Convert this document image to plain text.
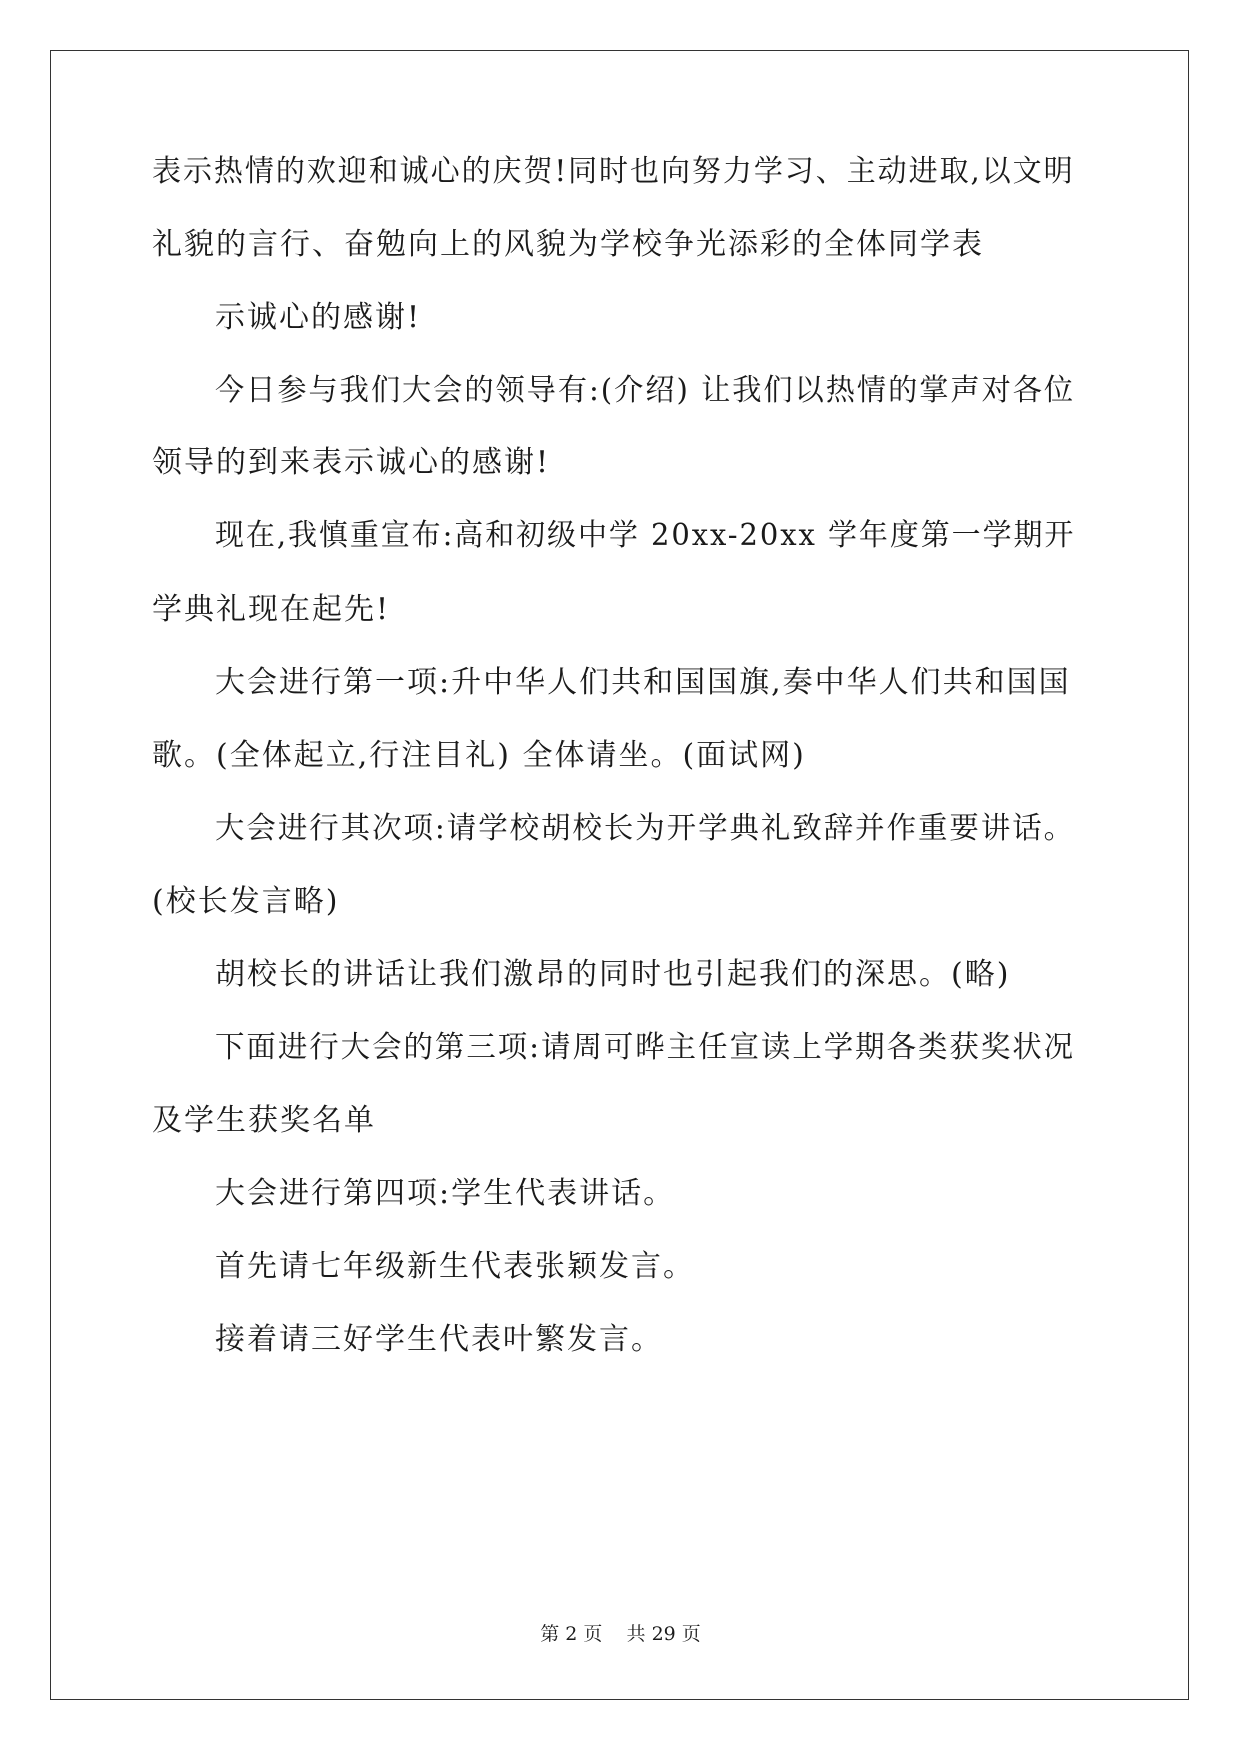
表示热情的欢迎和诚心的庆贺!同时也向努力学习、主动进取,以文明
礼貌的言行、奋勉向上的风貌为学校争光添彩的全体同学表
示诚心的感谢!
今日参与我们大会的领导有:(介绍) 让我们以热情的掌声对各位
领导的到来表示诚心的感谢!
现在,我慎重宣布:高和初级中学 20xx-20xx 学年度第一学期开
学典礼现在起先!
大会进行第一项:升中华人们共和国国旗,奏中华人们共和国国
歌。(全体起立,行注目礼) 全体请坐。(面试网)
大会进行其次项:请学校胡校长为开学典礼致辞并作重要讲话。
(校长发言略)
胡校长的讲话让我们激昂的同时也引起我们的深思。(略)
下面进行大会的第三项:请周可晔主任宣读上学期各类获奖状况
及学生获奖名单
大会进行第四项:学生代表讲话。
首先请七年级新生代表张颖发言。
接着请三好学生代表叶繁发言。
第 2 页    共 29 页
